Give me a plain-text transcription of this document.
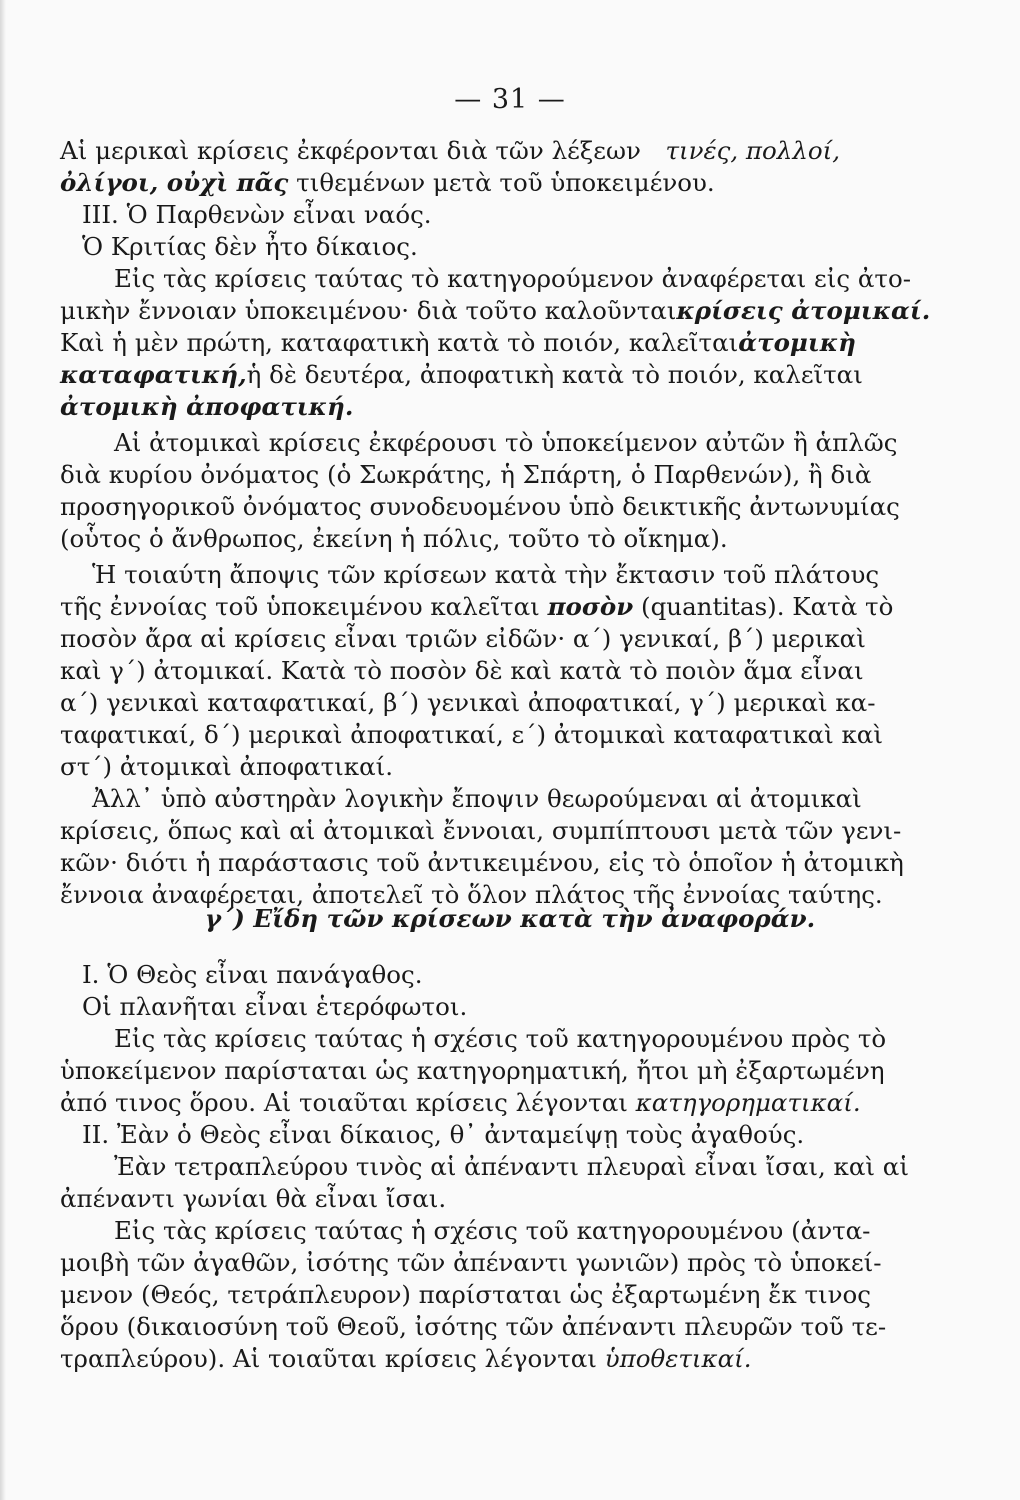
— 31 —
Αἱ μερικαὶ κρίσεις ἐκφέρονται διὰ τῶν λέξεων τινές, πολλοί,
ὀλίγοι, οὐχὶ πᾶς τιθεμένων μετὰ τοῦ ὑποκειμένου.
ΙΙΙ. Ὁ Παρθενὼν εἶναι ναός.
Ὁ Κριτίας δὲν ἦτο δίκαιος.
Εἰς τὰς κρίσεις ταύτας τὸ κατηγορούμενον ἀναφέρεται εἰς ἀτο-
μικὴν ἔννοιαν ὑποκειμένου· διὰ τοῦτο καλοῦνται κρίσεις ἀτομικαί.
Καὶ ἡ μὲν πρώτη, καταφατικὴ κατὰ τὸ ποιόν, καλεῖται ἀτομικὴ
καταφατική, ἡ δὲ δευτέρα, ἀποφατικὴ κατὰ τὸ ποιόν, καλεῖται
ἀτομικὴ ἀποφατική.
Αἱ ἀτομικαὶ κρίσεις ἐκφέρουσι τὸ ὑποκείμενον αὐτῶν ἢ ἁπλῶς
διὰ κυρίου ὀνόματος (ὁ Σωκράτης, ἡ Σπάρτη, ὁ Παρθενών), ἢ διὰ
προσηγορικοῦ ὀνόματος συνοδευομένου ὑπὸ δεικτικῆς ἀντωνυμίας
(οὗτος ὁ ἄνθρωπος, ἐκείνη ἡ πόλις, τοῦτο τὸ οἴκημα).
Ἡ τοιαύτη ἄποψις τῶν κρίσεων κατὰ τὴν ἔκτασιν τοῦ πλάτους
τῆς ἐννοίας τοῦ ὑποκειμένου καλεῖται ποσὸν (quantitas). Κατὰ τὸ
ποσὸν ἄρα αἱ κρίσεις εἶναι τριῶν εἰδῶν· α΄) γενικαί, β΄) μερικαὶ
καὶ γ΄) ἀτομικαί. Κατὰ τὸ ποσὸν δὲ καὶ κατὰ τὸ ποιὸν ἅμα εἶναι
α΄) γενικαὶ καταφατικαί, β΄) γενικαὶ ἀποφατικαί, γ΄) μερικαὶ κα-
ταφατικαί, δ΄) μερικαὶ ἀποφατικαί, ε΄) ἀτομικαὶ καταφατικαὶ καὶ
στ΄) ἀτομικαὶ ἀποφατικαί.
Ἀλλ᾿ ὑπὸ αὐστηρὰν λογικὴν ἔποψιν θεωρούμεναι αἱ ἀτομικαὶ
κρίσεις, ὅπως καὶ αἱ ἀτομικαὶ ἔννοιαι, συμπίπτουσι μετὰ τῶν γενι-
κῶν· διότι ἡ παράστασις τοῦ ἀντικειμένου, εἰς τὸ ὁποῖον ἡ ἀτομικὴ
ἔννοια ἀναφέρεται, ἀποτελεῖ τὸ ὅλον πλάτος τῆς ἐννοίας ταύτης.
γ΄) Εἴδη τῶν κρίσεων κατὰ τὴν ἀναφοράν.
Ι. Ὁ Θεὸς εἶναι πανάγαθος.
Οἱ πλανῆται εἶναι ἑτερόφωτοι.
Εἰς τὰς κρίσεις ταύτας ἡ σχέσις τοῦ κατηγορουμένου πρὸς τὸ
ὑποκείμενον παρίσταται ὡς κατηγορηματική, ἤτοι μὴ ἐξαρτωμένη
ἀπό τινος ὅρου. Αἱ τοιαῦται κρίσεις λέγονται κατηγορηματικαί.
ΙΙ. Ἐὰν ὁ Θεὸς εἶναι δίκαιος, θ᾿ ἀνταμείψῃ τοὺς ἀγαθούς.
Ἐὰν τετραπλεύρου τινὸς αἱ ἀπέναντι πλευραὶ εἶναι ἴσαι, καὶ αἱ
ἀπέναντι γωνίαι θὰ εἶναι ἴσαι.
Εἰς τὰς κρίσεις ταύτας ἡ σχέσις τοῦ κατηγορουμένου (ἀντα-
μοιβὴ τῶν ἀγαθῶν, ἰσότης τῶν ἀπέναντι γωνιῶν) πρὸς τὸ ὑποκεί-
μενον (Θεός, τετράπλευρον) παρίσταται ὡς ἐξαρτωμένη ἔκ τινος
ὅρου (δικαιοσύνη τοῦ Θεοῦ, ἰσότης τῶν ἀπέναντι πλευρῶν τοῦ τε-
τραπλεύρου). Αἱ τοιαῦται κρίσεις λέγονται ὑποθετικαί.
